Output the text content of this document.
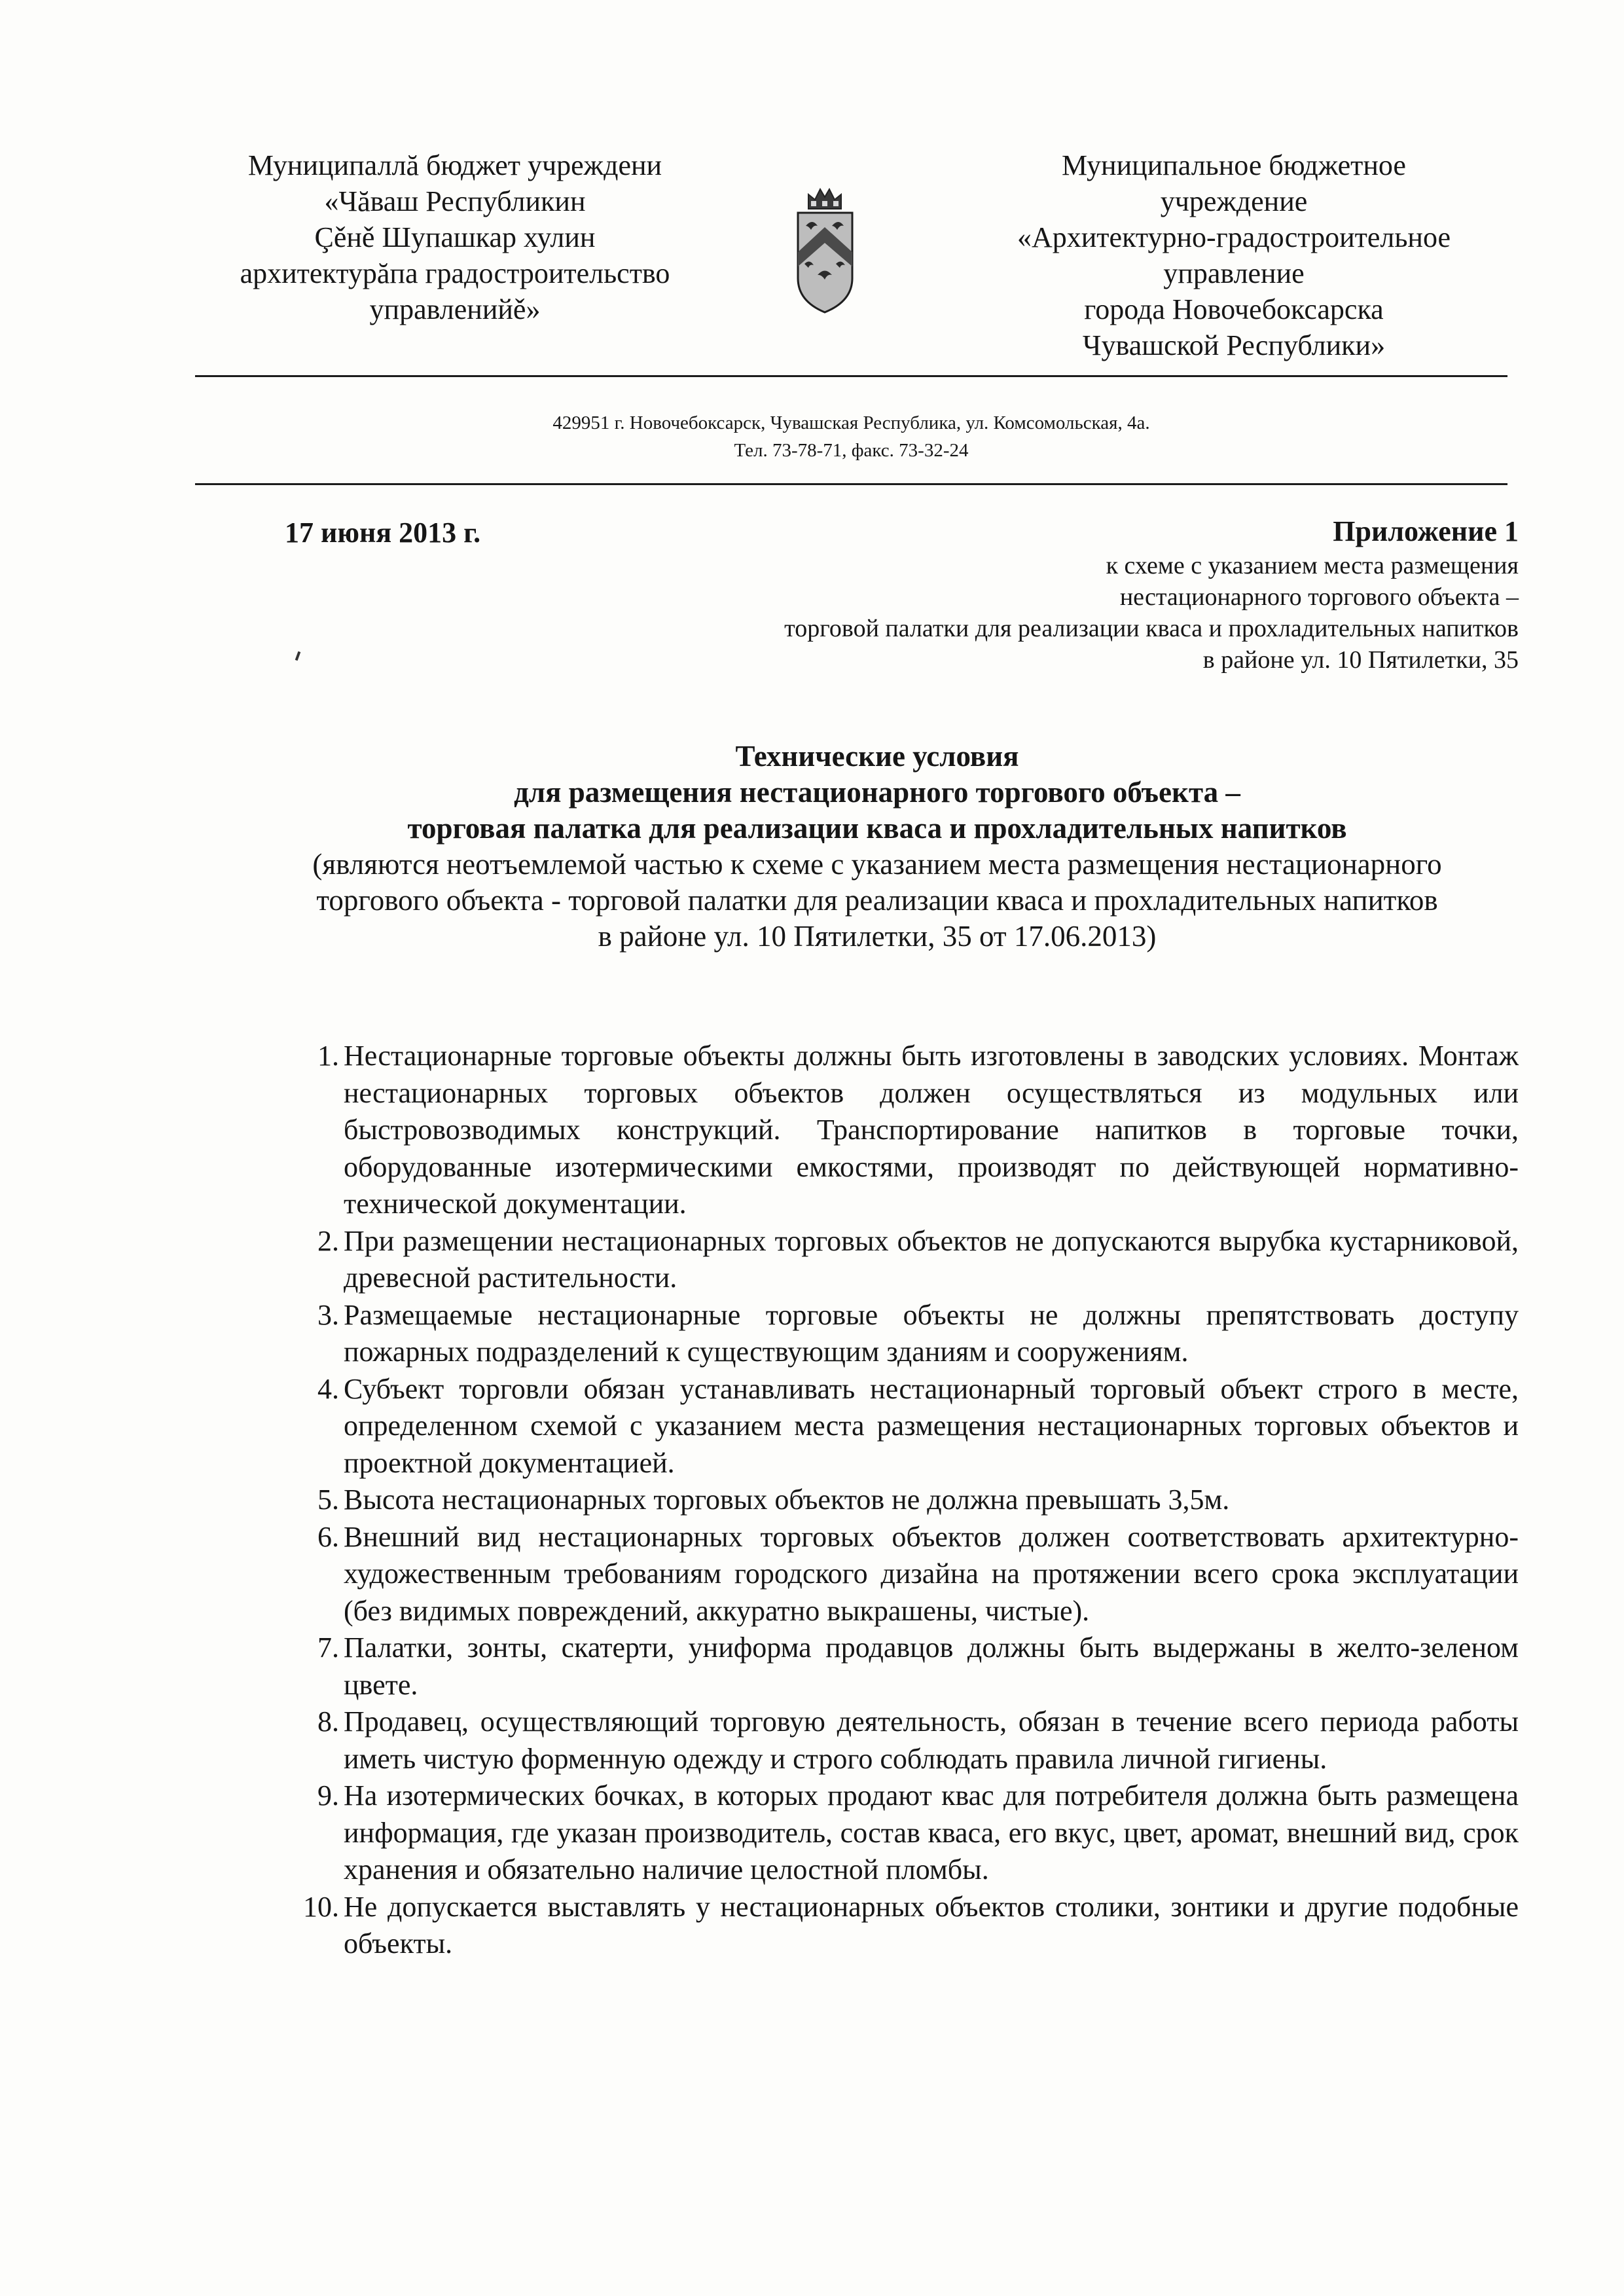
Муниципаллă бюджет учреждени
«Чăваш Республикин
Çěнě Шупашкар хулин
архитектурăпа градостроительство
управленийě»
Муниципальное бюджетное
учреждение
«Архитектурно-градостроительное
управление
города Новочебоксарска
Чувашской Республики»
429951 г. Новочебоксарск, Чувашская Республика, ул. Комсомольская, 4а.
Тел. 73-78-71, факс. 73-32-24
17 июня 2013 г.	Приложение 1
к схеме с указанием места размещения
нестационарного торгового объекта –
торговой палатки для реализации кваса и прохладительных напитков
в районе ул. 10 Пятилетки, 35
Технические условия
для размещения нестационарного торгового объекта –
торговая палатка для реализации кваса и прохладительных напитков
(являются неотъемлемой частью к схеме с указанием места размещения нестационарного
торгового объекта - торговой палатки для реализации кваса и прохладительных напитков
в районе ул. 10 Пятилетки, 35 от 17.06.2013)
1. Нестационарные торговые объекты должны быть изготовлены в заводских условиях. Монтаж нестационарных торговых объектов должен осуществляться из модульных или быстровозводимых конструкций. Транспортирование напитков в торговые точки, оборудованные изотермическими емкостями, производят по действующей нормативно-технической документации.
2. При размещении нестационарных торговых объектов не допускаются вырубка кустарниковой, древесной растительности.
3. Размещаемые нестационарные торговые объекты не должны препятствовать доступу пожарных подразделений к существующим зданиям и сооружениям.
4. Субъект торговли обязан устанавливать нестационарный торговый объект строго в месте, определенном схемой с указанием места размещения нестационарных торговых объектов и проектной документацией.
5. Высота нестационарных торговых объектов не должна превышать 3,5м.
6. Внешний вид нестационарных торговых объектов должен соответствовать архитектурно-художественным требованиям городского дизайна на протяжении всего срока эксплуатации (без видимых повреждений, аккуратно выкрашены, чистые).
7. Палатки, зонты, скатерти, униформа продавцов должны быть выдержаны в желто-зеленом цвете.
8. Продавец, осуществляющий торговую деятельность, обязан в течение всего периода работы иметь чистую форменную одежду и строго соблюдать правила личной гигиены.
9. На изотермических бочках, в которых продают квас для потребителя должна быть размещена информация, где указан производитель, состав кваса, его вкус, цвет, аромат, внешний вид, срок хранения и обязательно наличие целостной пломбы.
10. Не допускается выставлять у нестационарных объектов столики, зонтики и другие подобные объекты.
